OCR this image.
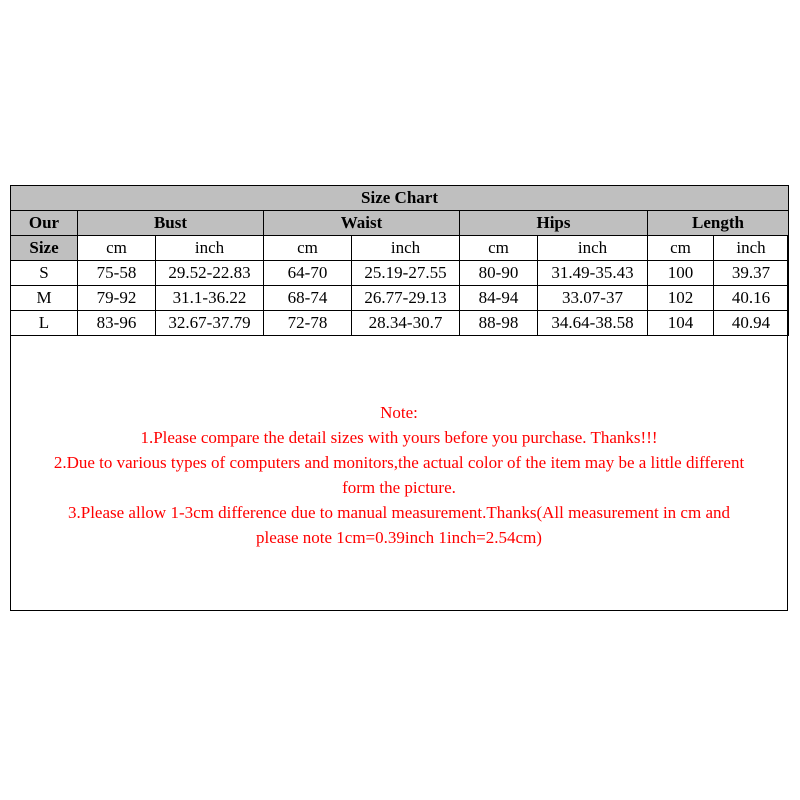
Size Chart								
Our	Bust		Waist		Hips		Length	
Size	cm	inch	cm	inch	cm	inch	cm	inch
S	75-58	29.52-22.83	64-70	25.19-27.55	80-90	31.49-35.43	100	39.37
M	79-92	31.1-36.22	68-74	26.77-29.13	84-94	33.07-37	102	40.16
L	83-96	32.67-37.79	72-78	28.34-30.7	88-98	34.64-38.58	104	40.94
Note:
1.Please compare the detail sizes with yours before you purchase. Thanks!!!
2.Due to various types of computers and monitors,the actual color of the item may be a little different
form the picture.
3.Please allow 1-3cm difference due to manual measurement.Thanks(All measurement in cm and
please note 1cm=0.39inch 1inch=2.54cm)
